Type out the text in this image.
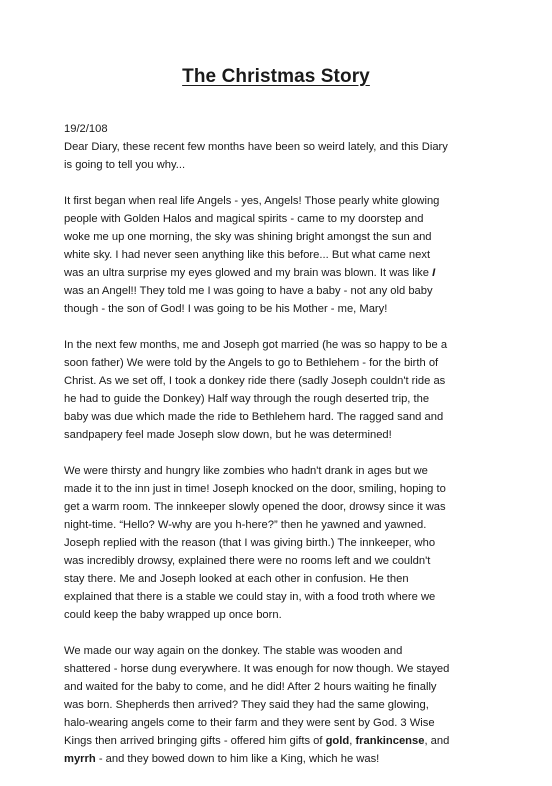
The Christmas Story
19/2/108
Dear Diary, these recent few months have been so weird lately, and this Diary
is going to tell you why...
It first began when real life Angels - yes, Angels! Those pearly white glowing
people with Golden Halos and magical spirits - came to my doorstep and
woke me up one morning, the sky was shining bright amongst the sun and
white sky. I had never seen anything like this before... But what came next
was an ultra surprise my eyes glowed and my brain was blown. It was like I
was an Angel!! They told me I was going to have a baby - not any old baby
though - the son of God! I was going to be his Mother - me, Mary!
In the next few months, me and Joseph got married (he was so happy to be a
soon father) We were told by the Angels to go to Bethlehem - for the birth of
Christ. As we set off, I took a donkey ride there (sadly Joseph couldn't ride as
he had to guide the Donkey) Half way through the rough deserted trip, the
baby was due which made the ride to Bethlehem hard. The ragged sand and
sandpapery feel made Joseph slow down, but he was determined!
We were thirsty and hungry like zombies who hadn't drank in ages but we
made it to the inn just in time! Joseph knocked on the door, smiling, hoping to
get a warm room. The innkeeper slowly opened the door, drowsy since it was
night-time. “Hello? W-why are you h-here?” then he yawned and yawned.
Joseph replied with the reason (that I was giving birth.) The innkeeper, who
was incredibly drowsy, explained there were no rooms left and we couldn't
stay there. Me and Joseph looked at each other in confusion. He then
explained that there is a stable we could stay in, with a food troth where we
could keep the baby wrapped up once born.
We made our way again on the donkey. The stable was wooden and
shattered - horse dung everywhere. It was enough for now though. We stayed
and waited for the baby to come, and he did! After 2 hours waiting he finally
was born. Shepherds then arrived? They said they had the same glowing,
halo-wearing angels come to their farm and they were sent by God. 3 Wise
Kings then arrived bringing gifts - offered him gifts of gold, frankincense, and
myrrh - and they bowed down to him like a King, which he was!
